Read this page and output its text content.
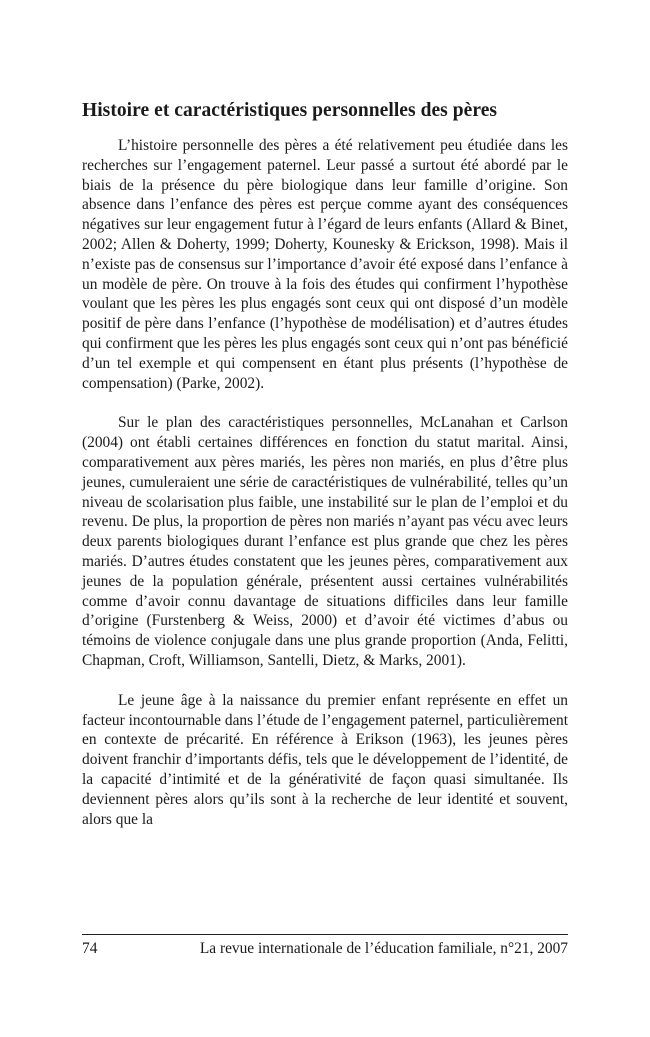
Histoire et caractéristiques personnelles des pères

L’histoire personnelle des pères a été relativement peu étudiée dans les recherches sur l’engagement paternel. Leur passé a surtout été abordé par le biais de la présence du père biologique dans leur famille d’origine. Son absence dans l’enfance des pères est perçue comme ayant des conséquences négatives sur leur engagement futur à l’égard de leurs enfants (Allard & Binet, 2002; Allen & Doherty, 1999; Doherty, Kounesky & Erickson, 1998). Mais il n’existe pas de consensus sur l’importance d’avoir été exposé dans l’enfance à un modèle de père. On trouve à la fois des études qui confirment l’hypothèse voulant que les pères les plus engagés sont ceux qui ont disposé d’un modèle positif de père dans l’enfance (l’hypothèse de modélisation) et d’autres études qui confirment que les pères les plus engagés sont ceux qui n’ont pas bénéficié d’un tel exemple et qui compensent en étant plus présents (l’hypothèse de compensation) (Parke, 2002).

Sur le plan des caractéristiques personnelles, McLanahan et Carlson (2004) ont établi certaines différences en fonction du statut marital. Ainsi, comparativement aux pères mariés, les pères non mariés, en plus d’être plus jeunes, cumuleraient une série de caractéristiques de vulnérabilité, telles qu’un niveau de scolarisation plus faible, une instabilité sur le plan de l’emploi et du revenu. De plus, la proportion de pères non mariés n’ayant pas vécu avec leurs deux parents biologiques durant l’enfance est plus grande que chez les pères mariés. D’autres études constatent que les jeunes pères, comparativement aux jeunes de la population générale, présentent aussi certaines vulnérabilités comme d’avoir connu davantage de situations difficiles dans leur famille d’origine (Furstenberg & Weiss, 2000) et d’avoir été victimes d’abus ou témoins de violence conjugale dans une plus grande proportion (Anda, Felitti, Chapman, Croft, Williamson, Santelli, Dietz, & Marks, 2001).

Le jeune âge à la naissance du premier enfant représente en effet un facteur incontournable dans l’étude de l’engagement paternel, particulièrement en contexte de précarité. En référence à Erikson (1963), les jeunes pères doivent franchir d’importants défis, tels que le développement de l’identité, de la capacité d’intimité et de la générativité de façon quasi simultanée. Ils deviennent pères alors qu’ils sont à la recherche de leur identité et souvent, alors que la

74	La revue internationale de l’éducation familiale, n°21, 2007
